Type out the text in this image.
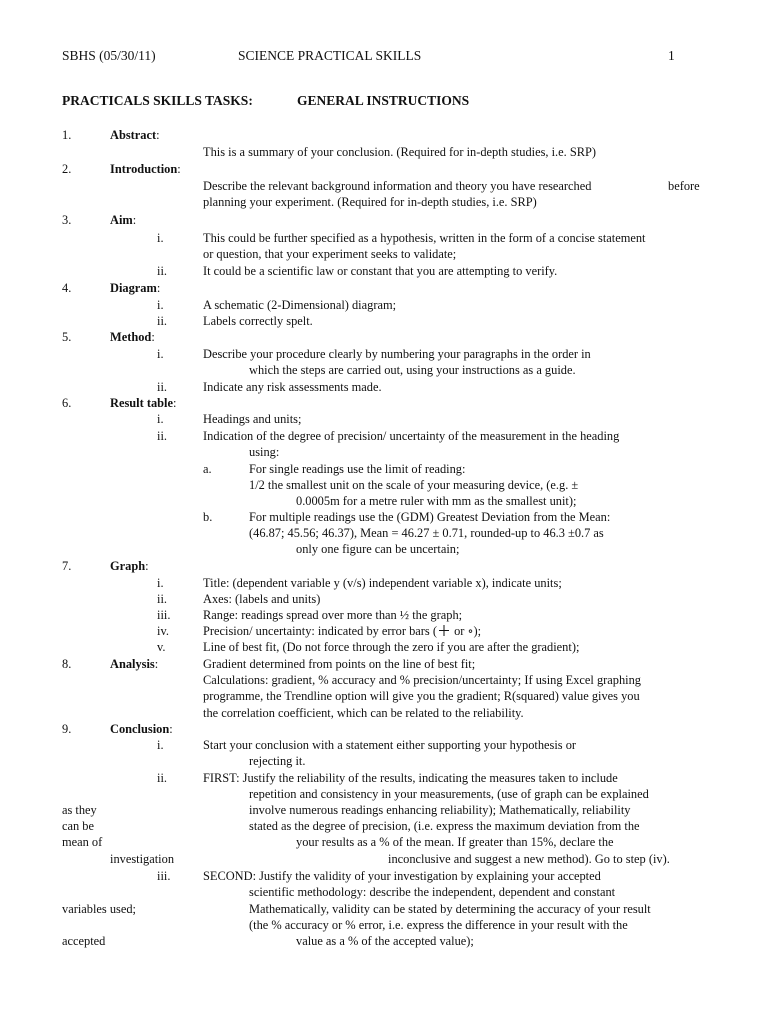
SBHS (05/30/11)	SCIENCE PRACTICAL SKILLS	1
PRACTICALS SKILLS TASKS:	GENERAL INSTRUCTIONS
1.	Abstract:
This is a summary of your conclusion. (Required for in-depth studies, i.e. SRP)
2.	Introduction:
Describe the relevant background information and theory you have researched	before
planning your experiment. (Required for in-depth studies, i.e. SRP)
3.	Aim:
i.	This could be further specified as a hypothesis, written in the form of a concise statement
or question, that your experiment seeks to validate;
ii.	It could be a scientific law or constant that you are attempting to verify.
4.	Diagram:
i.	A schematic (2-Dimensional) diagram;
ii.	Labels correctly spelt.
5.	Method:
i.	Describe your procedure clearly by numbering your paragraphs in the order in
which the steps are carried out, using your instructions as a guide.
ii.	Indicate any risk assessments made.
6.	Result table:
i.	Headings and units;
ii.	Indication of the degree of precision/ uncertainty of the measurement in the heading
using:
a.	For single readings use the limit of reading:
1/2 the smallest unit on the scale of your measuring device, (e.g. ±
0.0005m for a metre ruler with mm as the smallest unit);
b.	For multiple readings use the (GDM) Greatest Deviation from the Mean:
(46.87; 45.56; 46.37), Mean = 46.27 ± 0.71, rounded-up to 46.3 ±0.7 as
only one figure can be uncertain;
7.	Graph:
i.	Title: (dependent variable y (v/s) independent variable x), indicate units;
ii.	Axes: (labels and units)
iii.	Range: readings spread over more than ½ the graph;
iv.	Precision/ uncertainty: indicated by error bars ( or ∘);
v.	Line of best fit, (Do not force through the zero if you are after the gradient);
8.	Analysis:	Gradient determined from points on the line of best fit;
Calculations: gradient, % accuracy and % precision/uncertainty; If using Excel graphing
programme, the Trendline option will give you the gradient; R(squared) value gives you
the correlation coefficient, which can be related to the reliability.
9.	Conclusion:
i.	Start your conclusion with a statement either supporting your hypothesis or
rejecting it.
ii.	FIRST: Justify the reliability of the results, indicating the measures taken to include
repetition and consistency in your measurements, (use of graph can be explained
as they	involve numerous readings enhancing reliability); Mathematically, reliability
can be	stated as the degree of precision, (i.e. express the maximum deviation from the
mean of	your results as a % of the mean. If greater than 15%, declare the
investigation	inconclusive and suggest a new method). Go to step (iv).
iii.	SECOND: Justify the validity of your investigation by explaining your accepted
scientific methodology: describe the independent, dependent and constant
variables used;	Mathematically, validity can be stated by determining the accuracy of your result
(the % accuracy or % error, i.e. express the difference in your result with the
accepted	value as a % of the accepted value);
